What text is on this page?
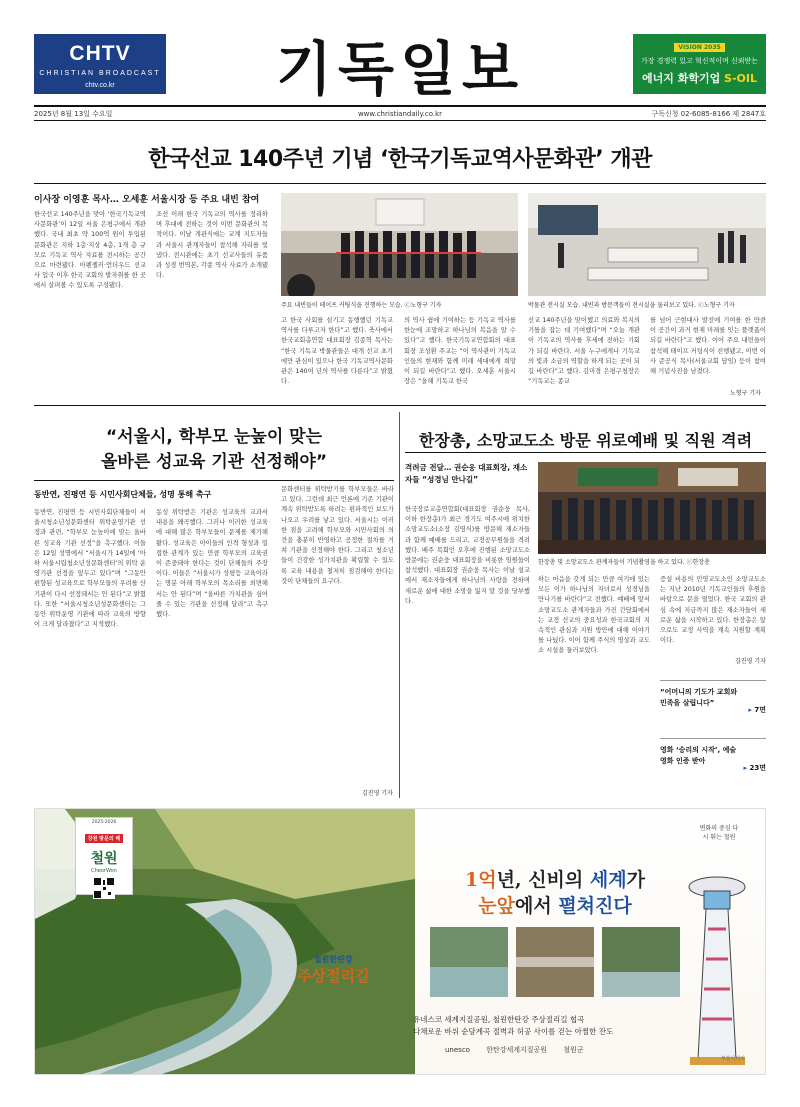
CHTV
CHRISTIAN BROADCAST
chtv.co.kr	기독일보	VISION 2035
가장 경쟁력 있고 혁신적이며 신뢰받는
에너지 화학기업 S-OIL
2025년 8월 13일 수요일	www.christiandaily.co.kr	구독신청 02-6085-8166 제 2847호
한국선교 140주년 기념 ‘한국기독교역사문화관’ 개관
이사장 이영훈 목사… 오세훈 서울시장 등 주요 내빈 참여
한국선교 140주년을 맞아 ‘한국기독교역사문화관’이 12일 서울 은평구에서 개관했다. 국내 최초 약 100억 원이 투입된 문화관은 지하 1층·지상 4층, 1개 층 규모로 기독교 역사 자료를 전시하는 공간으로 마련됐다. 아펜젤러·언더우드 선교사 입국 이후 한국 교회의 발자취를 한 곳에서 살펴볼 수 있도록 구성됐다.
조선 이래 한국 기독교의 역사를 정리하며 후대에 전하는 것이 이번 문화관의 목적이다. 이날 개관식에는 교계 지도자들과 서울시 관계자들이 참석해 자리를 빛냈다. 전시관에는 초기 선교사들의 유품과 성경 번역본, 각종 역사 사료가 소개됐다.
주요 내빈들이 테이프 커팅식을 진행하는 모습. ⓒ노형구 기자	박물관 전시실 모습. 내빈과 방문객들이 전시실을 둘러보고 있다. ⓒ노형구 기자
고 한국 사회를 섬기고 동행했던 기독교 역사를 다루고자 한다”고 했다. 축사에서 한국교회총연합 대표회장 김종혁 목사는 “한국 기독교 박물관들은 대개 선교 초기에만 관심이 있으나 한국 기독교역사문화관은 140여 년의 역사를 다룬다”고 밝혔다.
의 역사 쉼에 기여하는 등 기독교 역사를 한눈에 조망하고 하나님의 복음을 알 수 있다”고 했다. 한국기독교연합회의 대표회장 조성환 주교는 “이 역사관이 기독교인들의 현재와 함께 미래 세대에게 희망이 되길 바란다”고 했다. 오세훈 서울시장은 “올해 기독교 한국
선교 140주년을 맞이했고 의료와 복지의 기틀을 잡는 데 기여했다”며 “오늘 개관이 기독교의 역사를 후세에 전하는 기회가 되길 바란다. 서울 누구에게나 기독교의 빛과 소금의 역할을 하게 되는 곳이 되길 바란다”고 했다. 김미경 은평구청장은 “기독교는 종교
를 넘어 근현대사 발전에 기여를 한 만큼 이 공간이 과거 현재 미래를 잇는 플랫폼이 되길 바란다”고 했다. 이어 주요 내빈들이 참석해 테이프 커팅식이 진행됐고, 이번 이사 준공식 목사(서울교회 담임) 등이 참여해 기념사진을 남겼다.
노형구 기자
“서울시, 학부모 눈높이 맞는
올바른 성교육 기관 선정해야”
동반연, 진평연 등 시민사회단체들, 성명 통해 촉구
동반연, 진평연 등 시민사회단체들이 서울시청소년성문화센터 위탁운영기관 선정과 관련, “학부모 눈높이에 맞는 올바른 성교육 기관 선정”을 촉구했다. 이들은 12일 성명에서 “서울시가 14일에 ‘아하 서울시립청소년성문화센터’의 위탁 운영기관 선정을 앞두고 있다”며 “그동안 편향된 성교육으로 학부모들의 우려를 산 기관이 다시 선정돼서는 안 된다”고 밝혔다. 또한 “서울시청소년성문화센터는 그 동안 위탁운영 기관에 따라 교육의 방향이 크게 달라졌다”고 지적했다.
동성 위탁받은 기관은 성교육의 교과서 내용을 왜곡했다. 그러나 이러한 성교육에 대해 많은 학부모들이 문제를 제기해 왔다. 성교육은 아이들의 인격 형성과 밀접한 관계가 있는 만큼 학부모의 교육권이 존중돼야 한다는 것이 단체들의 주장이다. 이들은 “서울시가 성평등 교육이라는 명분 아래 학부모의 목소리를 외면해서는 안 된다”며 “올바른 가치관을 심어줄 수 있는 기관을 선정해 달라”고 촉구했다.
문화센터를 위탁받기를 학부모들은 바라고 있다. 그런데 최근 언론에 기존 기관이 계속 위탁받도록 하려는 편파적인 보도가 나오고 우려를 낳고 있다. 서울시는 이러한 점을 고려해 학부모와 시민사회의 의견을 충분히 반영하고 공정한 절차를 거쳐 기관을 선정해야 한다. 그리고 청소년들이 건강한 성가치관을 확립할 수 있도록 교육 내용을 철저히 점검해야 한다는 것이 단체들의 요구다.
김진영 기자
한장총, 소망교도소 방문 위로예배 및 직원 격려
격려금 전달… 권순웅 대표회장, 재소자들 “성경님 만나길”
한장총 및 소망교도소 관계자들이 기념촬영을 하고 있다. ⓒ한장총
한국장로교총연합회(대표회장 권순웅 목사, 이하 한장총)가 최근 경기도 여주시에 위치한 소망교도소(소장 김영식)를 방문해 재소자들과 함께 예배를 드리고, 교정공무원들을 격려했다. 배주 목회인 오후에 진행된 소망교도소 방문에는 권순웅 대표회장을 비롯한 임원들이 참석했다. 대표회장 권순웅 목사는 이날 설교에서 재소자들에게 하나님의 사랑을 전하며 새로운 삶에 대한 소망을 잃지 말 것을 당부했다.
하는 마음을 갖게 되는 만큼 여기에 있는 모든 이가 하나님의 자녀로서 성경님을 만나기를 바란다”고 전했다. 예배에 앞서 소망교도소 관계자들과 가진 간담회에서는 교정 선교의 중요성과 한국교회의 지속적인 관심과 지원 방안에 대해 이야기를 나눴다. 이어 함께 주식의 명상과 교도소 시설을 둘러보았다.
증설 비용의 민영교도소인 소망교도소는 지난 2010년 기독교인들의 후원을 바탕으로 문을 열었다. 한국 교회의 관심 속에 지금까지 많은 재소자들이 새로운 삶을 시작하고 있다. 한장총은 앞으로도 교정 사역을 계속 지원할 계획이다.
김진영 기자
“어머니의 기도가 교회와 민족을 살립니다”
▸ 7면
영화 ‘승리의 시작’, 예술영화 인증 받아
▸ 23면
2025-2026
강원 방문의 해
철원
CheorWon
철원한탄강
주상절리길
1억년, 신비의 세계가
눈앞에서 펼쳐진다
유네스코 세계지질공원, 철원한탄강 주상절리길 협곡
다채로운 바위 순담계곡 절벽과 허공 사이를 걷는 아찔한 잔도
unesco 한탄강세계지질공원 철원군
변화의 중심 다시 뛰는 철원
부분이미지
